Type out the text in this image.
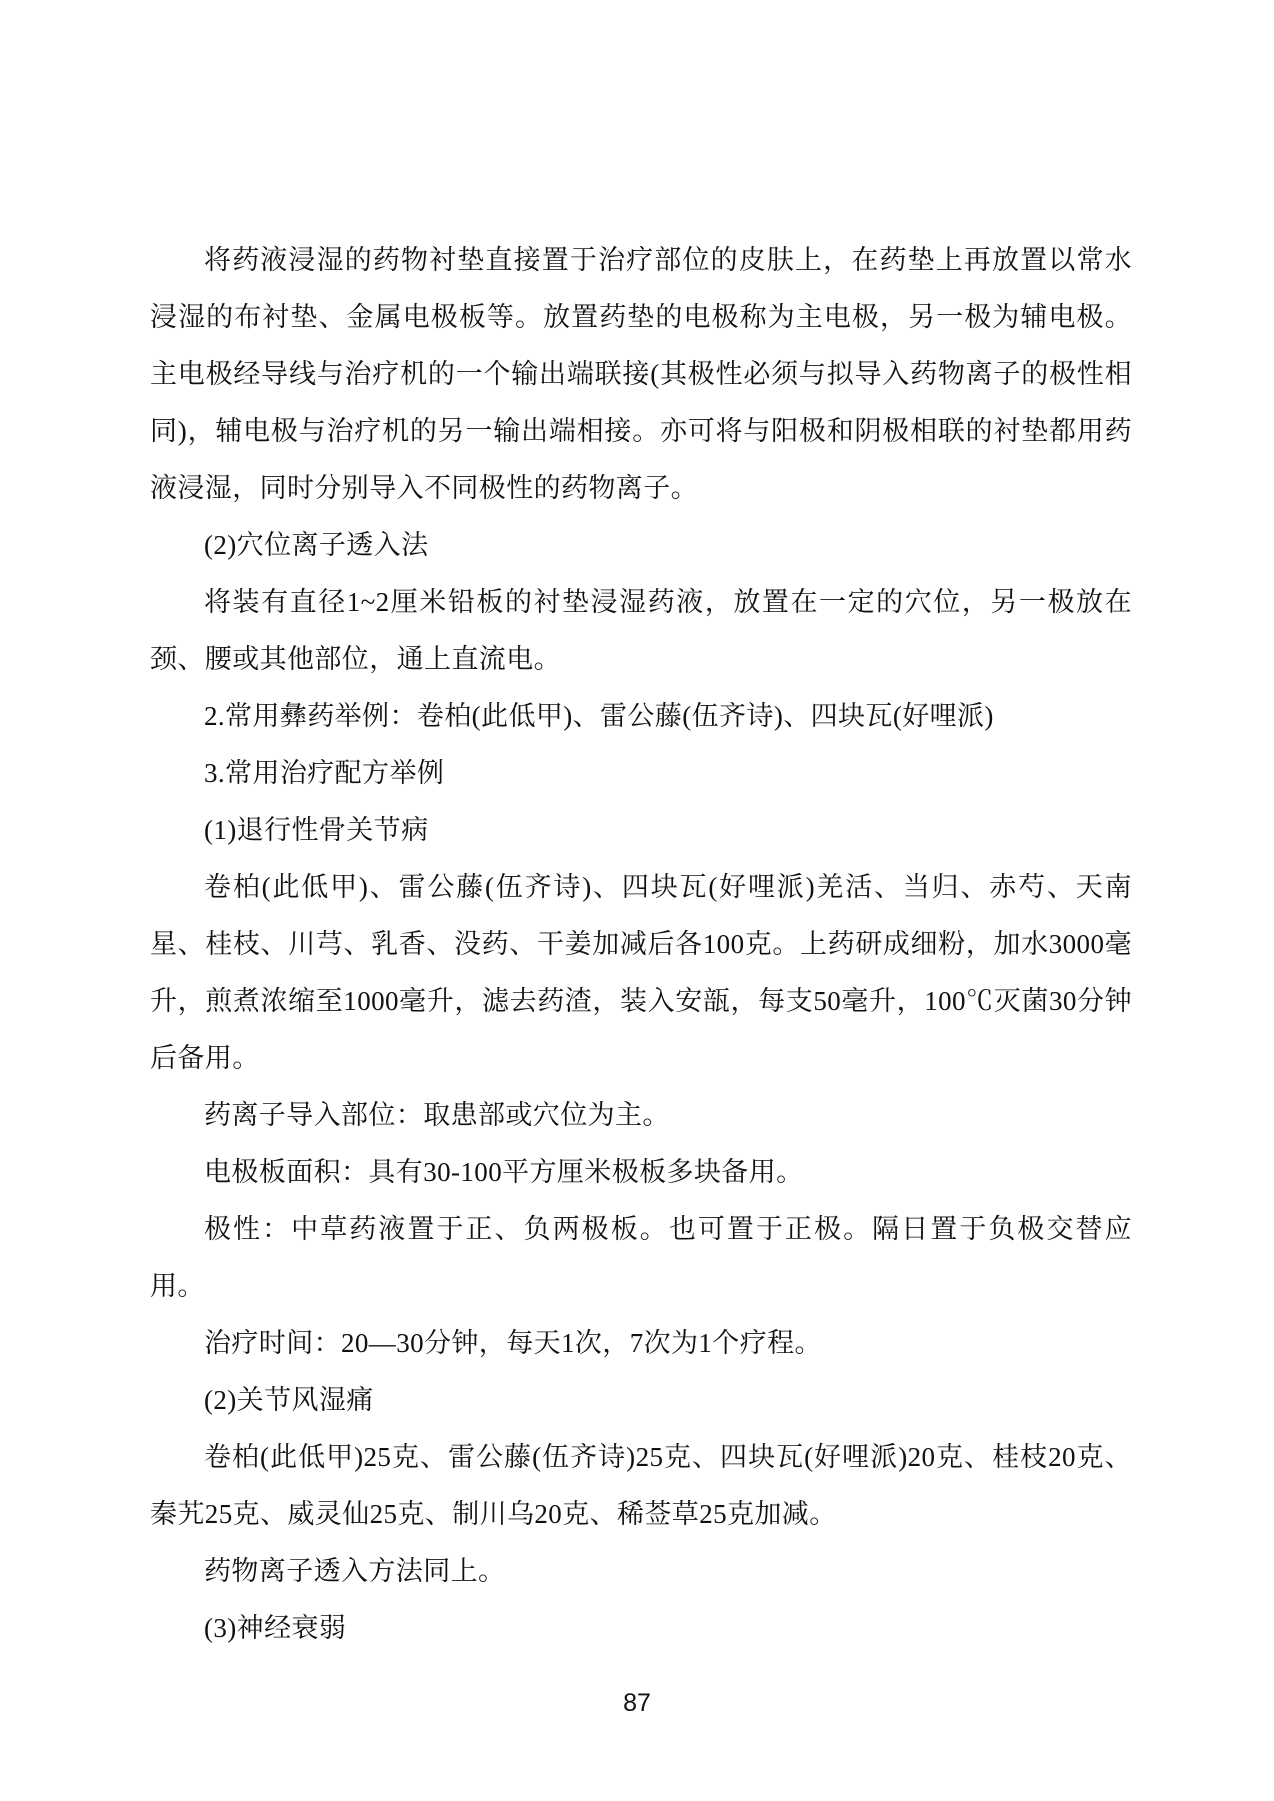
将药液浸湿的药物衬垫直接置于治疗部位的皮肤上，在药垫上再放置以常水浸湿的布衬垫、金属电极板等。放置药垫的电极称为主电极，另一极为辅电极。主电极经导线与治疗机的一个输出端联接(其极性必须与拟导入药物离子的极性相同)，辅电极与治疗机的另一输出端相接。亦可将与阳极和阴极相联的衬垫都用药液浸湿，同时分别导入不同极性的药物离子。

(2)穴位离子透入法

将装有直径1~2厘米铅板的衬垫浸湿药液，放置在一定的穴位，另一极放在颈、腰或其他部位，通上直流电。

2.常用彝药举例：卷柏(此低甲)、雷公藤(伍齐诗)、四块瓦(好哩派)

3.常用治疗配方举例

(1)退行性骨关节病

卷柏(此低甲)、雷公藤(伍齐诗)、四块瓦(好哩派)羌活、当归、赤芍、天南星、桂枝、川芎、乳香、没药、干姜加减后各100克。上药研成细粉，加水3000毫升，煎煮浓缩至1000毫升，滤去药渣，装入安瓿，每支50毫升，100℃灭菌30分钟后备用。

药离子导入部位：取患部或穴位为主。

电极板面积：具有30-100平方厘米极板多块备用。

极性：中草药液置于正、负两极板。也可置于正极。隔日置于负极交替应用。

治疗时间：20—30分钟，每天1次，7次为1个疗程。

(2)关节风湿痛

卷柏(此低甲)25克、雷公藤(伍齐诗)25克、四块瓦(好哩派)20克、桂枝20克、秦艽25克、威灵仙25克、制川乌20克、稀莶草25克加减。

药物离子透入方法同上。

(3)神经衰弱

87
